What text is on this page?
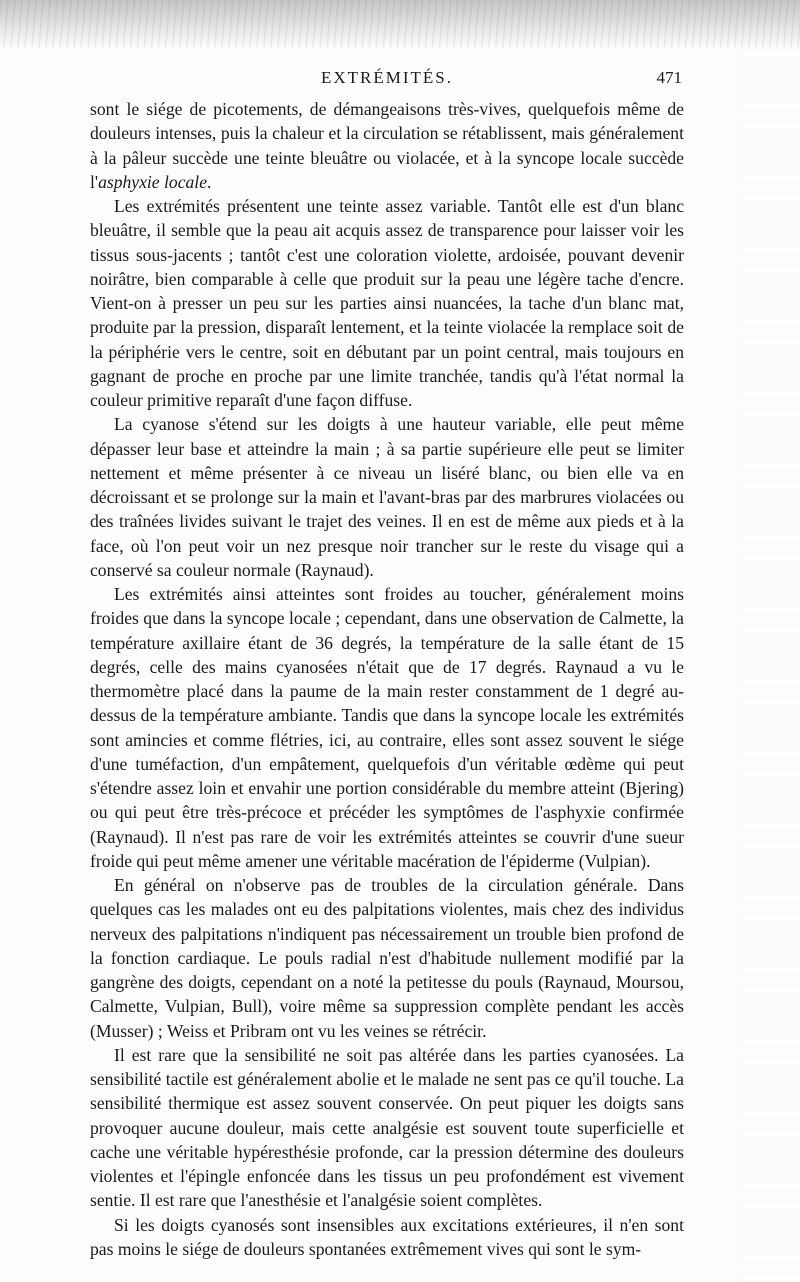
EXTRÉMITÉS.	471

sont le siége de picotements, de démangeaisons très-vives, quelquefois même de douleurs intenses, puis la chaleur et la circulation se rétablissent, mais généralement à la pâleur succède une teinte bleuâtre ou violacée, et à la syncope locale succède l'asphyxie locale.

Les extrémités présentent une teinte assez variable. Tantôt elle est d'un blanc bleuâtre, il semble que la peau ait acquis assez de transparence pour laisser voir les tissus sous-jacents ; tantôt c'est une coloration violette, ardoisée, pouvant devenir noirâtre, bien comparable à celle que produit sur la peau une légère tache d'encre. Vient-on à presser un peu sur les parties ainsi nuancées, la tache d'un blanc mat, produite par la pression, disparaît lentement, et la teinte violacée la remplace soit de la périphérie vers le centre, soit en débutant par un point central, mais toujours en gagnant de proche en proche par une limite tranchée, tandis qu'à l'état normal la couleur primitive reparaît d'une façon diffuse.

La cyanose s'étend sur les doigts à une hauteur variable, elle peut même dépasser leur base et atteindre la main ; à sa partie supérieure elle peut se limiter nettement et même présenter à ce niveau un liséré blanc, ou bien elle va en décroissant et se prolonge sur la main et l'avant-bras par des marbrures violacées ou des traînées livides suivant le trajet des veines. Il en est de même aux pieds et à la face, où l'on peut voir un nez presque noir trancher sur le reste du visage qui a conservé sa couleur normale (Raynaud).

Les extrémités ainsi atteintes sont froides au toucher, généralement moins froides que dans la syncope locale ; cependant, dans une observation de Calmette, la température axillaire étant de 36 degrés, la température de la salle étant de 15 degrés, celle des mains cyanosées n'était que de 17 degrés. Raynaud a vu le thermomètre placé dans la paume de la main rester constamment de 1 degré au-dessus de la température ambiante. Tandis que dans la syncope locale les extrémités sont amincies et comme flétries, ici, au contraire, elles sont assez souvent le siége d'une tuméfaction, d'un empâtement, quelquefois d'un véritable œdème qui peut s'étendre assez loin et envahir une portion considérable du membre atteint (Bjering) ou qui peut être très-précoce et précéder les symptômes de l'asphyxie confirmée (Raynaud). Il n'est pas rare de voir les extrémités atteintes se couvrir d'une sueur froide qui peut même amener une véritable macération de l'épiderme (Vulpian).

En général on n'observe pas de troubles de la circulation générale. Dans quelques cas les malades ont eu des palpitations violentes, mais chez des individus nerveux des palpitations n'indiquent pas nécessairement un trouble bien profond de la fonction cardiaque. Le pouls radial n'est d'habitude nullement modifié par la gangrène des doigts, cependant on a noté la petitesse du pouls (Raynaud, Moursou, Calmette, Vulpian, Bull), voire même sa suppression complète pendant les accès (Musser) ; Weiss et Pribram ont vu les veines se rétrécir.

Il est rare que la sensibilité ne soit pas altérée dans les parties cyanosées. La sensibilité tactile est généralement abolie et le malade ne sent pas ce qu'il touche. La sensibilité thermique est assez souvent conservée. On peut piquer les doigts sans provoquer aucune douleur, mais cette analgésie est souvent toute superficielle et cache une véritable hypéresthésie profonde, car la pression détermine des douleurs violentes et l'épingle enfoncée dans les tissus un peu profondément est vivement sentie. Il est rare que l'anesthésie et l'analgésie soient complètes.

Si les doigts cyanosés sont insensibles aux excitations extérieures, il n'en sont pas moins le siége de douleurs spontanées extrêmement vives qui sont le sym-
